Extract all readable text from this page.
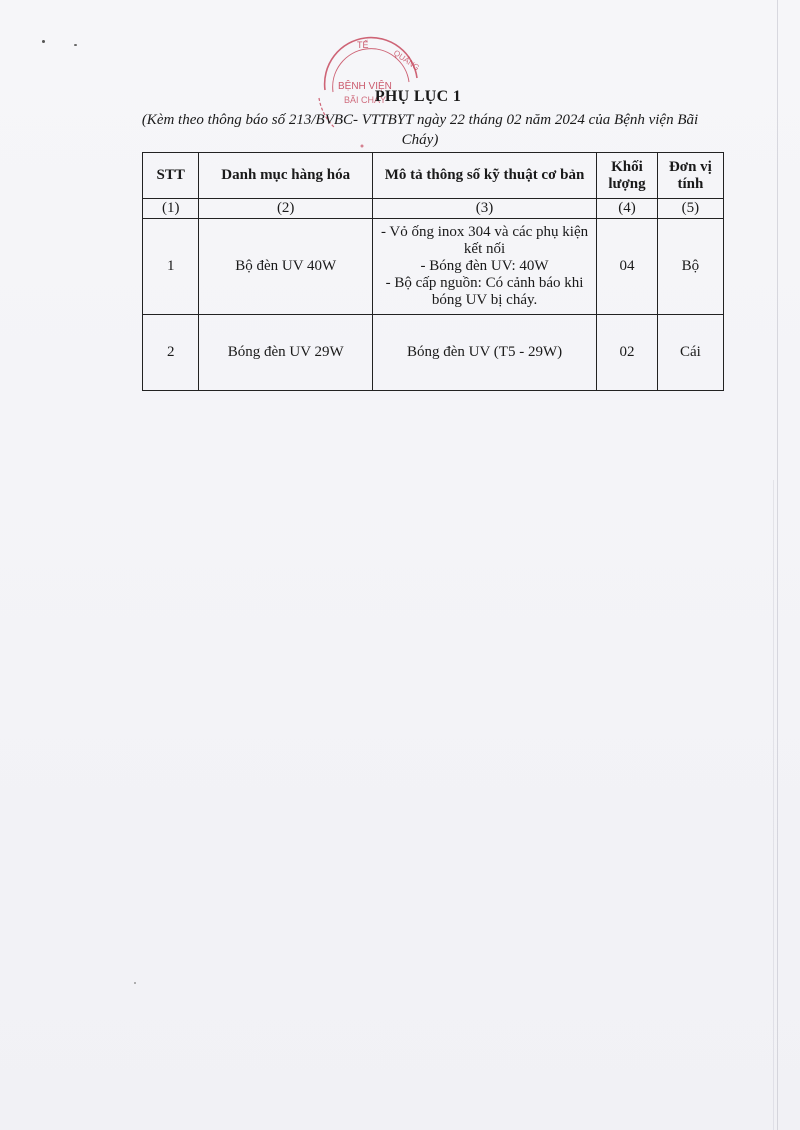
TẾ
QUẢNG
BỆNH VIỆN
BÃI CHÁY
PHỤ LỤC 1
(Kèm theo thông báo số 213/BVBC- VTTBYT ngày 22 tháng 02 năm 2024 của Bệnh viện Bãi Cháy)
STT	Danh mục hàng hóa	Mô tả thông số kỹ thuật cơ bản	Khối lượng	Đơn vị tính
(1)	(2)	(3)	(4)	(5)
1	Bộ đèn UV 40W	- Vỏ ống inox 304 và các phụ kiện kết nối
- Bóng đèn UV: 40W
- Bộ cấp nguồn: Có cảnh báo khi bóng UV bị cháy.	04	Bộ
2	Bóng đèn UV 29W	Bóng đèn UV (T5 - 29W)	02	Cái
